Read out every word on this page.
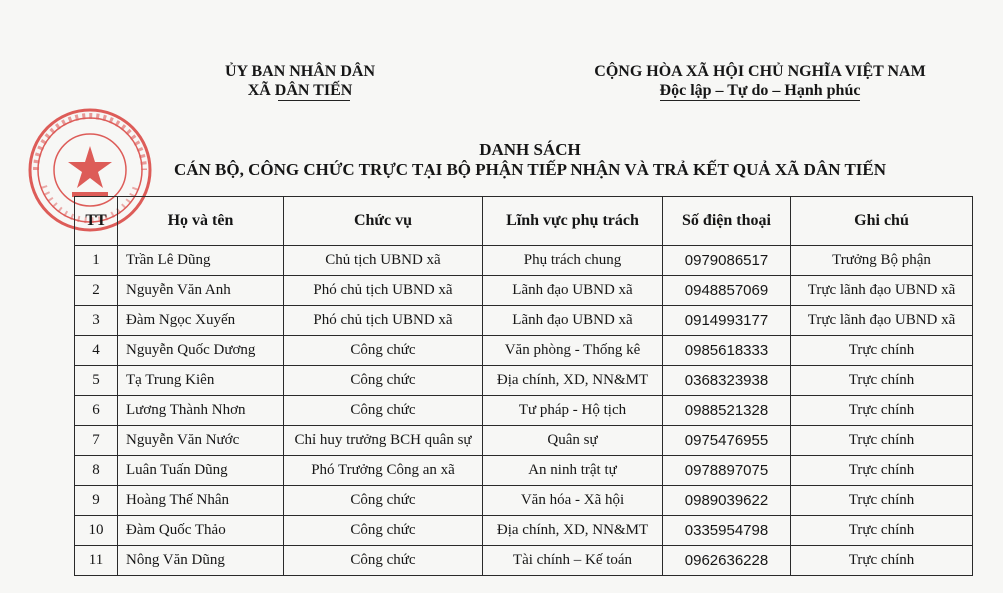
ỦY BAN NHÂN DÂN
XÃ DÂN TIẾN
CỘNG HÒA XÃ HỘI CHỦ NGHĨA VIỆT NAM
Độc lập – Tự do – Hạnh phúc
DANH SÁCH
CÁN BỘ, CÔNG CHỨC TRỰC TẠI BỘ PHẬN TIẾP NHẬN VÀ TRẢ KẾT QUẢ XÃ DÂN TIẾN
TT	Họ và tên	Chức vụ	Lĩnh vực phụ trách	Số điện thoại	Ghi chú
1	Trần Lê Dũng	Chủ tịch UBND xã	Phụ trách chung	0979086517	Trưởng Bộ phận
2	Nguyễn Văn Anh	Phó chủ tịch UBND xã	Lãnh đạo UBND xã	0948857069	Trực lãnh đạo UBND xã
3	Đàm Ngọc Xuyến	Phó chủ tịch UBND xã	Lãnh đạo UBND xã	0914993177	Trực lãnh đạo UBND xã
4	Nguyễn Quốc Dương	Công chức	Văn phòng - Thống kê	0985618333	Trực chính
5	Tạ Trung Kiên	Công chức	Địa chính, XD, NN&MT	0368323938	Trực chính
6	Lương Thành Nhơn	Công chức	Tư pháp - Hộ tịch	0988521328	Trực chính
7	Nguyễn Văn Nước	Chỉ huy trưởng BCH quân sự	Quân sự	0975476955	Trực chính
8	Luân Tuấn Dũng	Phó Trưởng Công an xã	An ninh trật tự	0978897075	Trực chính
9	Hoàng Thế Nhân	Công chức	Văn hóa - Xã hội	0989039622	Trực chính
10	Đàm Quốc Thảo	Công chức	Địa chính, XD, NN&MT	0335954798	Trực chính
11	Nông Văn Dũng	Công chức	Tài chính – Kế toán	0962636228	Trực chính
